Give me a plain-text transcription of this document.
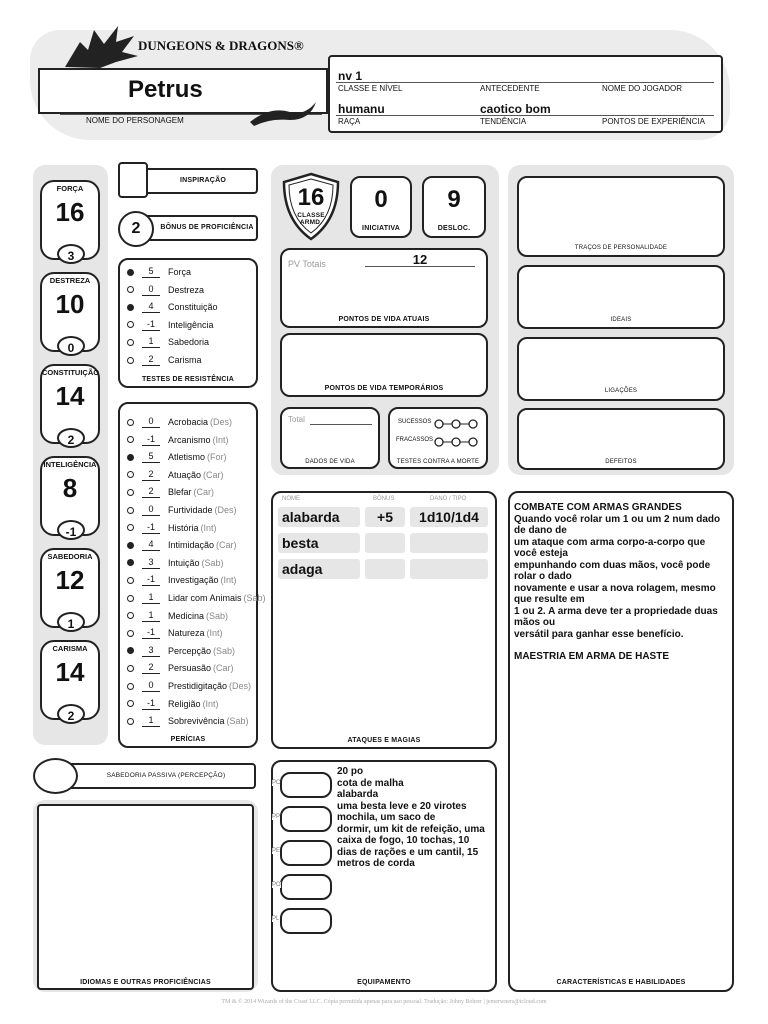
DUNGEONS & DRAGONS®
Petrus
NOME DO PERSONAGEM
nv 1
CLASSE E NÍVEL	ANTECEDENTE	NOME DO JOGADOR
humanu
RAÇA
caotico bom
TENDÊNCIA	PONTOS DE EXPERIÊNCIA
FORÇA
16
3
DESTREZA
10
0
CONSTITUIÇÃO
14
2
INTELIGÊNCIA
8
-1
SABEDORIA
12
1
CARISMA
14
2
INSPIRAÇÃO
2	BÔNUS DE PROFICIÊNCIA
5	Força
0	Destreza
4	Constituição
-1	Inteligência
1	Sabedoria
2	Carisma
TESTES DE RESISTÊNCIA
0	Acrobacia (Des)
-1	Arcanismo (Int)
5	Atletismo (For)
2	Atuação (Car)
2	Blefar (Car)
0	Furtividade (Des)
-1	História (Int)
4	Intimidação (Car)
3	Intuição (Sab)
-1	Investigação (Int)
1	Lidar com Animais (Sab)
1	Medicina (Sab)
-1	Natureza (Int)
3	Percepção (Sab)
2	Persuasão (Car)
0	Prestidigitação (Des)
-1	Religião (Int)
1	Sobrevivência (Sab)
PERÍCIAS
SABEDORIA PASSIVA (PERCEPÇÃO)
IDIOMAS E OUTRAS PROFICIÊNCIAS
16
CLASSE ARMD.
0
INICIATIVA
9
DESLOC.
PV Totais	12
PONTOS DE VIDA ATUAIS
PONTOS DE VIDA TEMPORÁRIOS
Total
DADOS DE VIDA
SUCESSOS
FRACASSOS
TESTES CONTRA A MORTE
TRAÇOS DE PERSONALIDADE
IDEAIS
LIGAÇÕES
DEFEITOS
NOME	BÔNUS	DANO / TIPO
alabarda	+5	1d10/1d4
besta
adaga
ATAQUES E MAGIAS
PC
PP
PE
PO
PL
20 po
cota de malha
alabarda
uma besta leve e 20 virotes
mochila, um saco de
dormir, um kit de refeição, uma
caixa de fogo, 10 tochas, 10
dias de rações e um cantil, 15
metros de corda
EQUIPAMENTO
COMBATE COM ARMAS GRANDES
Quando você rolar um 1 ou um 2 num dado de dano de
um ataque com arma corpo-a-corpo que você esteja
empunhando com duas mãos, você pode rolar o dado
novamente e usar a nova rolagem, mesmo que resulte em
1 ou 2. A arma deve ter a propriedade duas mãos ou
versátil para ganhar esse benefício.
MAESTRIA EM ARMA DE HASTE
CARACTERÍSTICAS E HABILIDADES
TM & © 2014 Wizards of the Coast LLC. Cópia permitida apenas para uso pessoal. Tradução: Johny Bohrer | jemerwners@icloud.com
